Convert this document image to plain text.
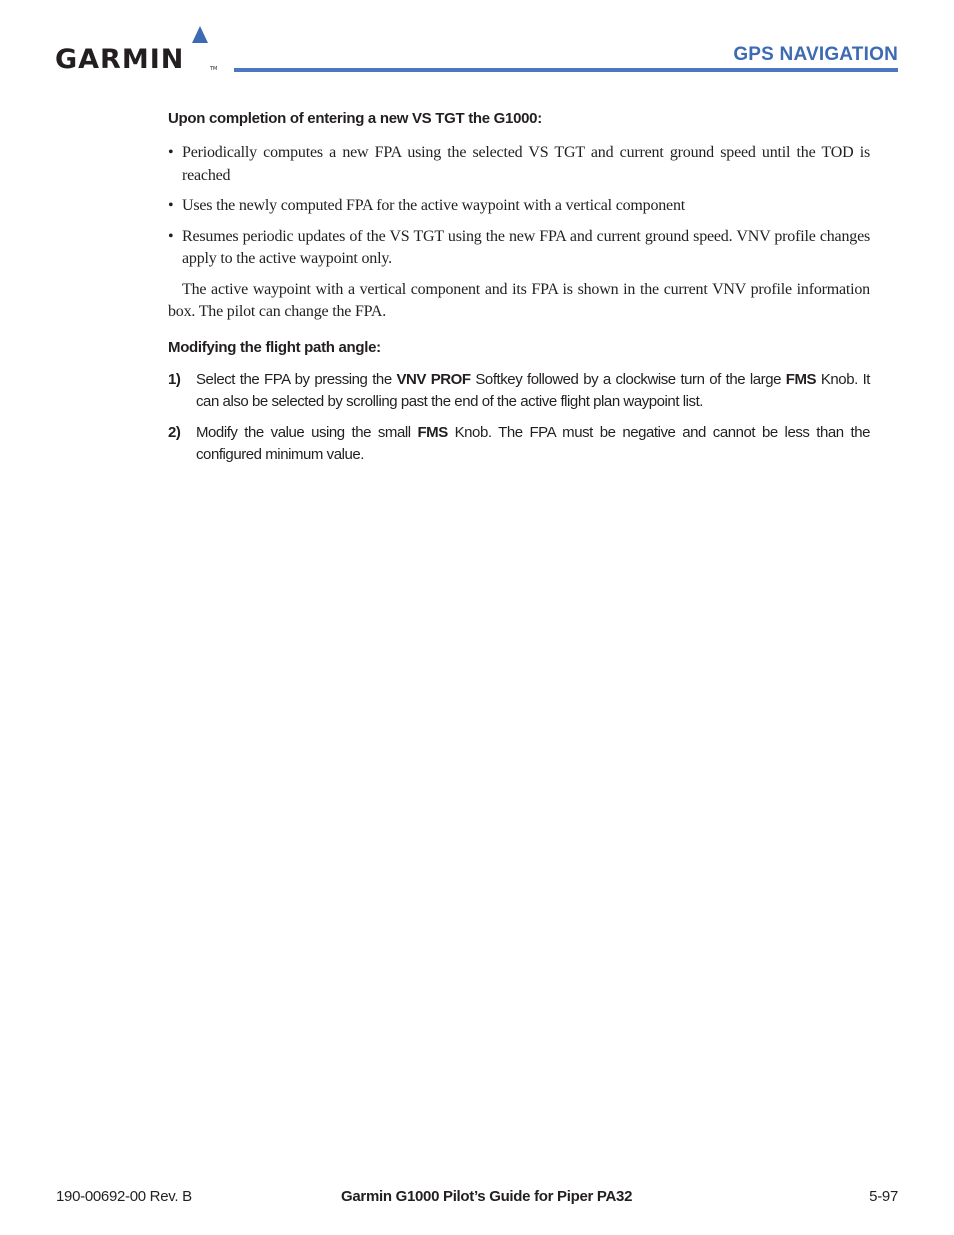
GARMIN	TM
GPS NAVIGATION

Upon completion of entering a new VS TGT the G1000:

• Periodically computes a new FPA using the selected VS TGT and current ground speed until the TOD is reached
• Uses the newly computed FPA for the active waypoint with a vertical component
• Resumes periodic updates of the VS TGT using the new FPA and current ground speed. VNV profile changes apply to the active waypoint only.

The active waypoint with a vertical component and its FPA is shown in the current VNV profile information box. The pilot can change the FPA.

Modifying the flight path angle:

1) Select the FPA by pressing the VNV PROF Softkey followed by a clockwise turn of the large FMS Knob. It can also be selected by scrolling past the end of the active flight plan waypoint list.
2) Modify the value using the small FMS Knob. The FPA must be negative and cannot be less than the configured minimum value.
190-00692-00 Rev. B	Garmin G1000 Pilot’s Guide for Piper PA32	5-97
